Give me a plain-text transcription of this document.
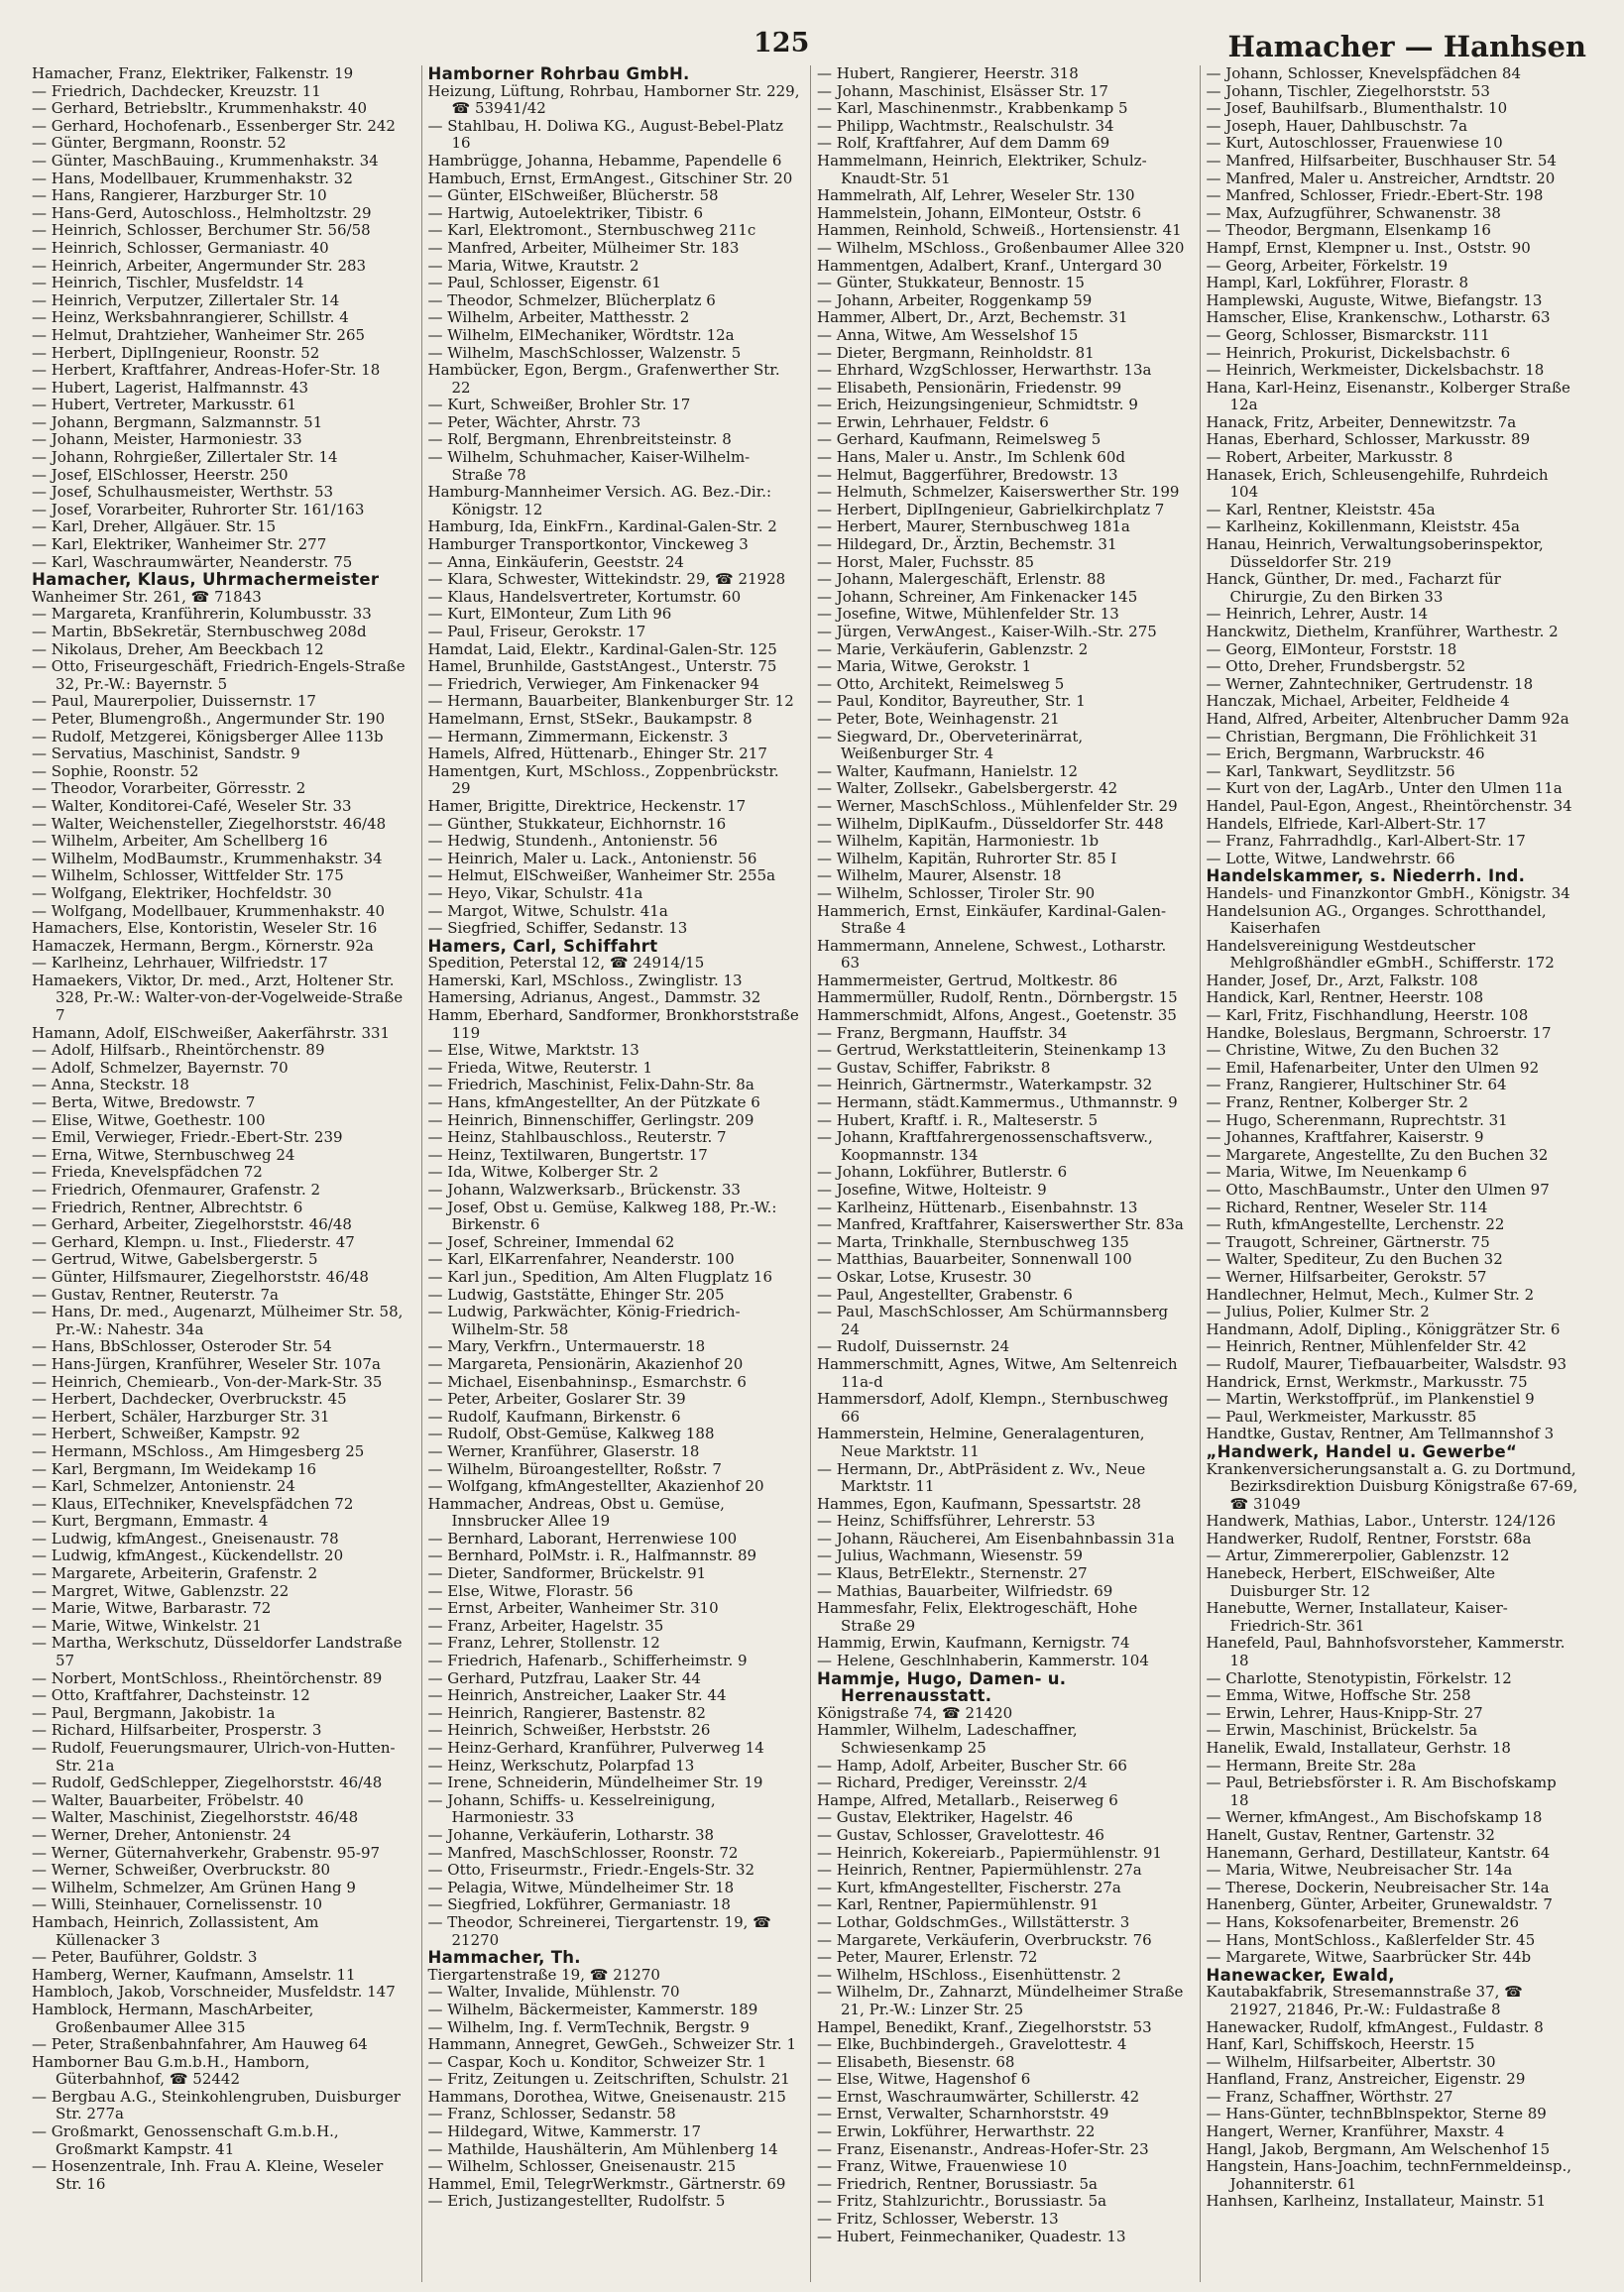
125	Hamacher — Hanhsen
Hamacher, Franz, Elektriker, Falkenstr. 19
— Friedrich, Dachdecker, Kreuzstr. 11
— Gerhard, Betriebsltr., Krummenhakstr. 40
— Gerhard, Hochofenarb., Essenberger Str. 242
— Günter, Bergmann, Roonstr. 52
— Günter, MaschBauing., Krummenhakstr. 34
— Hans, Modellbauer, Krummenhakstr. 32
— Hans, Rangierer, Harzburger Str. 10
— Hans-Gerd, Autoschloss., Helmholtzstr. 29
— Heinrich, Schlosser, Berchumer Str. 56/58
— Heinrich, Schlosser, Germaniastr. 40
— Heinrich, Arbeiter, Angermunder Str. 283
— Heinrich, Tischler, Musfeldstr. 14
— Heinrich, Verputzer, Zillertaler Str. 14
— Heinz, Werksbahnrangierer, Schillstr. 4
— Helmut, Drahtzieher, Wanheimer Str. 265
— Herbert, DiplIngenieur, Roonstr. 52
— Herbert, Kraftfahrer, Andreas-Hofer-Str. 18
— Hubert, Lagerist, Halfmannstr. 43
— Hubert, Vertreter, Markusstr. 61
— Johann, Bergmann, Salzmannstr. 51
— Johann, Meister, Harmoniestr. 33
— Johann, Rohrgießer, Zillertaler Str. 14
— Josef, ElSchlosser, Heerstr. 250
— Josef, Schulhausmeister, Werthstr. 53
— Josef, Vorarbeiter, Ruhrorter Str. 161/163
— Karl, Dreher, Allgäuer. Str. 15
— Karl, Elektriker, Wanheimer Str. 277
— Karl, Waschraumwärter, Neanderstr. 75
Hamacher, Klaus, Uhrmachermeister
Wanheimer Str. 261, ☎ 71843
— Margareta, Kranführerin, Kolumbusstr. 33
— Martin, BbSekretär, Sternbuschweg 208d
— Nikolaus, Dreher, Am Beeckbach 12
— Otto, Friseurgeschäft, Friedrich-Engels-Straße 32, Pr.-W.: Bayernstr. 5
— Paul, Maurerpolier, Duissernstr. 17
— Peter, Blumengroßh., Angermunder Str. 190
— Rudolf, Metzgerei, Königsberger Allee 113b
— Servatius, Maschinist, Sandstr. 9
— Sophie, Roonstr. 52
— Theodor, Vorarbeiter, Görresstr. 2
— Walter, Konditorei-Café, Weseler Str. 33
— Walter, Weichensteller, Ziegelhorststr. 46/48
— Wilhelm, Arbeiter, Am Schellberg 16
— Wilhelm, ModBaumstr., Krummenhakstr. 34
— Wilhelm, Schlosser, Wittfelder Str. 175
— Wolfgang, Elektriker, Hochfeldstr. 30
— Wolfgang, Modellbauer, Krummenhakstr. 40
Hamachers, Else, Kontoristin, Weseler Str. 16
Hamaczek, Hermann, Bergm., Körnerstr. 92a
— Karlheinz, Lehrhauer, Wilfriedstr. 17
Hamaekers, Viktor, Dr. med., Arzt, Holtener Str. 328, Pr.-W.: Walter-von-der-Vogelweide-Straße 7
Hamann, Adolf, ElSchweißer, Aakerfährstr. 331
— Adolf, Hilfsarb., Rheintörchenstr. 89
— Adolf, Schmelzer, Bayernstr. 70
— Anna, Steckstr. 18
— Berta, Witwe, Bredowstr. 7
— Elise, Witwe, Goethestr. 100
— Emil, Verwieger, Friedr.-Ebert-Str. 239
— Erna, Witwe, Sternbuschweg 24
— Frieda, Knevelspfädchen 72
— Friedrich, Ofenmaurer, Grafenstr. 2
— Friedrich, Rentner, Albrechtstr. 6
— Gerhard, Arbeiter, Ziegelhorststr. 46/48
— Gerhard, Klempn. u. Inst., Fliederstr. 47
— Gertrud, Witwe, Gabelsbergerstr. 5
— Günter, Hilfsmaurer, Ziegelhorststr. 46/48
— Gustav, Rentner, Reuterstr. 7a
— Hans, Dr. med., Augenarzt, Mülheimer Str. 58, Pr.-W.: Nahestr. 34a
— Hans, BbSchlosser, Osteroder Str. 54
— Hans-Jürgen, Kranführer, Weseler Str. 107a
— Heinrich, Chemiearb., Von-der-Mark-Str. 35
— Herbert, Dachdecker, Overbruckstr. 45
— Herbert, Schäler, Harzburger Str. 31
— Herbert, Schweißer, Kampstr. 92
— Hermann, MSchloss., Am Himgesberg 25
— Karl, Bergmann, Im Weidekamp 16
— Karl, Schmelzer, Antonienstr. 24
— Klaus, ElTechniker, Knevelspfädchen 72
— Kurt, Bergmann, Emmastr. 4
— Ludwig, kfmAngest., Gneisenaustr. 78
— Ludwig, kfmAngest., Kückendellstr. 20
— Margarete, Arbeiterin, Grafenstr. 2
— Margret, Witwe, Gablenzstr. 22
— Marie, Witwe, Barbarastr. 72
— Marie, Witwe, Winkelstr. 21
— Martha, Werkschutz, Düsseldorfer Landstraße 57
— Norbert, MontSchloss., Rheintörchenstr. 89
— Otto, Kraftfahrer, Dachsteinstr. 12
— Paul, Bergmann, Jakobistr. 1a
— Richard, Hilfsarbeiter, Prosperstr. 3
— Rudolf, Feuerungsmaurer, Ulrich-von-Hutten-Str. 21a
— Rudolf, GedSchlepper, Ziegelhorststr. 46/48
— Walter, Bauarbeiter, Fröbelstr. 40
— Walter, Maschinist, Ziegelhorststr. 46/48
— Werner, Dreher, Antonienstr. 24
— Werner, Güternahverkehr, Grabenstr. 95-97
— Werner, Schweißer, Overbruckstr. 80
— Wilhelm, Schmelzer, Am Grünen Hang 9
— Willi, Steinhauer, Cornelissenstr. 10
Hambach, Heinrich, Zollassistent, Am Küllenacker 3
— Peter, Bauführer, Goldstr. 3
Hamberg, Werner, Kaufmann, Amselstr. 11
Hambloch, Jakob, Vorschneider, Musfeldstr. 147
Hamblock, Hermann, MaschArbeiter, Großenbaumer Allee 315
— Peter, Straßenbahnfahrer, Am Hauweg 64
Hamborner Bau G.m.b.H., Hamborn, Güterbahnhof, ☎ 52442
— Bergbau A.G., Steinkohlengruben, Duisburger Str. 277a
— Großmarkt, Genossenschaft G.m.b.H., Großmarkt Kampstr. 41
— Hosenzentrale, Inh. Frau A. Kleine, Weseler Str. 16
Hamborner Rohrbau GmbH.
Heizung, Lüftung, Rohrbau, Hamborner Str. 229, ☎ 53941/42
— Stahlbau, H. Doliwa KG., August-Bebel-Platz 16
Hambrügge, Johanna, Hebamme, Papendelle 6
Hambuch, Ernst, ErmAngest., Gitschiner Str. 20
— Günter, ElSchweißer, Blücherstr. 58
— Hartwig, Autoelektriker, Tibistr. 6
— Karl, Elektromont., Sternbuschweg 211c
— Manfred, Arbeiter, Mülheimer Str. 183
— Maria, Witwe, Krautstr. 2
— Paul, Schlosser, Eigenstr. 61
— Theodor, Schmelzer, Blücherplatz 6
— Wilhelm, Arbeiter, Matthesstr. 2
— Wilhelm, ElMechaniker, Wördtstr. 12a
— Wilhelm, MaschSchlosser, Walzenstr. 5
Hambücker, Egon, Bergm., Grafenwerther Str. 22
— Kurt, Schweißer, Brohler Str. 17
— Peter, Wächter, Ahrstr. 73
— Rolf, Bergmann, Ehrenbreitsteinstr. 8
— Wilhelm, Schuhmacher, Kaiser-Wilhelm-Straße 78
Hamburg-Mannheimer Versich. AG. Bez.-Dir.: Königstr. 12
Hamburg, Ida, EinkFrn., Kardinal-Galen-Str. 2
Hamburger Transportkontor, Vinckeweg 3
— Anna, Einkäuferin, Geeststr. 24
— Klara, Schwester, Wittekindstr. 29, ☎ 21928
— Klaus, Handelsvertreter, Kortumstr. 60
— Kurt, ElMonteur, Zum Lith 96
— Paul, Friseur, Gerokstr. 17
Hamdat, Laid, Elektr., Kardinal-Galen-Str. 125
Hamel, Brunhilde, GaststAngest., Unterstr. 75
— Friedrich, Verwieger, Am Finkenacker 94
— Hermann, Bauarbeiter, Blankenburger Str. 12
Hamelmann, Ernst, StSekr., Baukampstr. 8
— Hermann, Zimmermann, Eickenstr. 3
Hamels, Alfred, Hüttenarb., Ehinger Str. 217
Hamentgen, Kurt, MSchloss., Zoppenbrückstr. 29
Hamer, Brigitte, Direktrice, Heckenstr. 17
— Günther, Stukkateur, Eichhornstr. 16
— Hedwig, Stundenh., Antonienstr. 56
— Heinrich, Maler u. Lack., Antonienstr. 56
— Helmut, ElSchweißer, Wanheimer Str. 255a
— Heyo, Vikar, Schulstr. 41a
— Margot, Witwe, Schulstr. 41a
— Siegfried, Schiffer, Sedanstr. 13
Hamers, Carl, Schiffahrt
Spedition, Peterstal 12, ☎ 24914/15
Hamerski, Karl, MSchloss., Zwinglistr. 13
Hamersing, Adrianus, Angest., Dammstr. 32
Hamm, Eberhard, Sandformer, Bronkhorststraße 119
— Else, Witwe, Marktstr. 13
— Frieda, Witwe, Reuterstr. 1
— Friedrich, Maschinist, Felix-Dahn-Str. 8a
— Hans, kfmAngestellter, An der Pützkate 6
— Heinrich, Binnenschiffer, Gerlingstr. 209
— Heinz, Stahlbauschloss., Reuterstr. 7
— Heinz, Textilwaren, Bungertstr. 17
— Ida, Witwe, Kolberger Str. 2
— Johann, Walzwerksarb., Brückenstr. 33
— Josef, Obst u. Gemüse, Kalkweg 188, Pr.-W.: Birkenstr. 6
— Josef, Schreiner, Immendal 62
— Karl, ElKarrenfahrer, Neanderstr. 100
— Karl jun., Spedition, Am Alten Flugplatz 16
— Ludwig, Gaststätte, Ehinger Str. 205
— Ludwig, Parkwächter, König-Friedrich-Wilhelm-Str. 58
— Mary, Verkfrn., Untermauerstr. 18
— Margareta, Pensionärin, Akazienhof 20
— Michael, Eisenbahninsp., Esmarchstr. 6
— Peter, Arbeiter, Goslarer Str. 39
— Rudolf, Kaufmann, Birkenstr. 6
— Rudolf, Obst-Gemüse, Kalkweg 188
— Werner, Kranführer, Glaserstr. 18
— Wilhelm, Büroangestellter, Roßstr. 7
— Wolfgang, kfmAngestellter, Akazienhof 20
Hammacher, Andreas, Obst u. Gemüse, Innsbrucker Allee 19
— Bernhard, Laborant, Herrenwiese 100
— Bernhard, PolMstr. i. R., Halfmannstr. 89
— Dieter, Sandformer, Brückelstr. 91
— Else, Witwe, Florastr. 56
— Ernst, Arbeiter, Wanheimer Str. 310
— Franz, Arbeiter, Hagelstr. 35
— Franz, Lehrer, Stollenstr. 12
— Friedrich, Hafenarb., Schifferheimstr. 9
— Gerhard, Putzfrau, Laaker Str. 44
— Heinrich, Anstreicher, Laaker Str. 44
— Heinrich, Rangierer, Bastenstr. 82
— Heinrich, Schweißer, Herbststr. 26
— Heinz-Gerhard, Kranführer, Pulverweg 14
— Heinz, Werkschutz, Polarpfad 13
— Irene, Schneiderin, Mündelheimer Str. 19
— Johann, Schiffs- u. Kesselreinigung, Harmoniestr. 33
— Johanne, Verkäuferin, Lotharstr. 38
— Manfred, MaschSchlosser, Roonstr. 72
— Otto, Friseurmstr., Friedr.-Engels-Str. 32
— Pelagia, Witwe, Mündelheimer Str. 18
— Siegfried, Lokführer, Germaniastr. 18
— Theodor, Schreinerei, Tiergartenstr. 19, ☎ 21270
Hammacher, Th.
Tiergartenstraße 19, ☎ 21270
— Walter, Invalide, Mühlenstr. 70
— Wilhelm, Bäckermeister, Kammerstr. 189
— Wilhelm, Ing. f. VermTechnik, Bergstr. 9
Hammann, Annegret, GewGeh., Schweizer Str. 1
— Caspar, Koch u. Konditor, Schweizer Str. 1
— Fritz, Zeitungen u. Zeitschriften, Schulstr. 21
Hammans, Dorothea, Witwe, Gneisenaustr. 215
— Franz, Schlosser, Sedanstr. 58
— Hildegard, Witwe, Kammerstr. 17
— Mathilde, Haushälterin, Am Mühlenberg 14
— Wilhelm, Schlosser, Gneisenaustr. 215
Hammel, Emil, TelegrWerkmstr., Gärtnerstr. 69
— Erich, Justizangestellter, Rudolfstr. 5
— Hubert, Rangierer, Heerstr. 318
— Johann, Maschinist, Elsässer Str. 17
— Karl, Maschinenmstr., Krabbenkamp 5
— Philipp, Wachtmstr., Realschulstr. 34
— Rolf, Kraftfahrer, Auf dem Damm 69
Hammelmann, Heinrich, Elektriker, Schulz-Knaudt-Str. 51
Hammelrath, Alf, Lehrer, Weseler Str. 130
Hammelstein, Johann, ElMonteur, Oststr. 6
Hammen, Reinhold, Schweiß., Hortensienstr. 41
— Wilhelm, MSchloss., Großenbaumer Allee 320
Hammentgen, Adalbert, Kranf., Untergard 30
— Günter, Stukkateur, Bennostr. 15
— Johann, Arbeiter, Roggenkamp 59
Hammer, Albert, Dr., Arzt, Bechemstr. 31
— Anna, Witwe, Am Wesselshof 15
— Dieter, Bergmann, Reinholdstr. 81
— Ehrhard, WzgSchlosser, Herwarthstr. 13a
— Elisabeth, Pensionärin, Friedenstr. 99
— Erich, Heizungsingenieur, Schmidtstr. 9
— Erwin, Lehrhauer, Feldstr. 6
— Gerhard, Kaufmann, Reimelsweg 5
— Hans, Maler u. Anstr., Im Schlenk 60d
— Helmut, Baggerführer, Bredowstr. 13
— Helmuth, Schmelzer, Kaiserswerther Str. 199
— Herbert, DiplIngenieur, Gabrielkirchplatz 7
— Herbert, Maurer, Sternbuschweg 181a
— Hildegard, Dr., Ärztin, Bechemstr. 31
— Horst, Maler, Fuchsstr. 85
— Johann, Malergeschäft, Erlenstr. 88
— Johann, Schreiner, Am Finkenacker 145
— Josefine, Witwe, Mühlenfelder Str. 13
— Jürgen, VerwAngest., Kaiser-Wilh.-Str. 275
— Marie, Verkäuferin, Gablenzstr. 2
— Maria, Witwe, Gerokstr. 1
— Otto, Architekt, Reimelsweg 5
— Paul, Konditor, Bayreuther, Str. 1
— Peter, Bote, Weinhagenstr. 21
— Siegward, Dr., Oberveterinärrat, Weißenburger Str. 4
— Walter, Kaufmann, Hanielstr. 12
— Walter, Zollsekr., Gabelsbergerstr. 42
— Werner, MaschSchloss., Mühlenfelder Str. 29
— Wilhelm, DiplKaufm., Düsseldorfer Str. 448
— Wilhelm, Kapitän, Harmoniestr. 1b
— Wilhelm, Kapitän, Ruhrorter Str. 85 I
— Wilhelm, Maurer, Alsenstr. 18
— Wilhelm, Schlosser, Tiroler Str. 90
Hammerich, Ernst, Einkäufer, Kardinal-Galen-Straße 4
Hammermann, Annelene, Schwest., Lotharstr. 63
Hammermeister, Gertrud, Moltkestr. 86
Hammermüller, Rudolf, Rentn., Dörnbergstr. 15
Hammerschmidt, Alfons, Angest., Goetenstr. 35
— Franz, Bergmann, Hauffstr. 34
— Gertrud, Werkstattleiterin, Steinenkamp 13
— Gustav, Schiffer, Fabrikstr. 8
— Heinrich, Gärtnermstr., Waterkampstr. 32
— Hermann, städt.Kammermus., Uthmannstr. 9
— Hubert, Kraftf. i. R., Malteserstr. 5
— Johann, Kraftfahrergenossenschaftsverw., Koopmannstr. 134
— Johann, Lokführer, Butlerstr. 6
— Josefine, Witwe, Holteistr. 9
— Karlheinz, Hüttenarb., Eisenbahnstr. 13
— Manfred, Kraftfahrer, Kaiserswerther Str. 83a
— Marta, Trinkhalle, Sternbuschweg 135
— Matthias, Bauarbeiter, Sonnenwall 100
— Oskar, Lotse, Krusestr. 30
— Paul, Angestellter, Grabenstr. 6
— Paul, MaschSchlosser, Am Schürmannsberg 24
— Rudolf, Duissernstr. 24
Hammerschmitt, Agnes, Witwe, Am Seltenreich 11a-d
Hammersdorf, Adolf, Klempn., Sternbuschweg 66
Hammerstein, Helmine, Generalagenturen, Neue Marktstr. 11
— Hermann, Dr., AbtPräsident z. Wv., Neue Marktstr. 11
Hammes, Egon, Kaufmann, Spessartstr. 28
— Heinz, Schiffsführer, Lehrerstr. 53
— Johann, Räucherei, Am Eisenbahnbassin 31a
— Julius, Wachmann, Wiesenstr. 59
— Klaus, BetrElektr., Sternenstr. 27
— Mathias, Bauarbeiter, Wilfriedstr. 69
Hammesfahr, Felix, Elektrogeschäft, Hohe Straße 29
Hammig, Erwin, Kaufmann, Kernigstr. 74
— Helene, Geschlnhaberin, Kammerstr. 104
Hammje, Hugo, Damen- u. Herrenausstatt.
Königstraße 74, ☎ 21420
Hammler, Wilhelm, Ladeschaffner, Schwiesenkamp 25
— Hamp, Adolf, Arbeiter, Buscher Str. 66
— Richard, Prediger, Vereinsstr. 2/4
Hampe, Alfred, Metallarb., Reiserweg 6
— Gustav, Elektriker, Hagelstr. 46
— Gustav, Schlosser, Gravelottestr. 46
— Heinrich, Kokereiarb., Papiermühlenstr. 91
— Heinrich, Rentner, Papiermühlenstr. 27a
— Kurt, kfmAngestellter, Fischerstr. 27a
— Karl, Rentner, Papiermühlenstr. 91
— Lothar, GoldschmGes., Willstätterstr. 3
— Margarete, Verkäuferin, Overbruckstr. 76
— Peter, Maurer, Erlenstr. 72
— Wilhelm, HSchloss., Eisenhüttenstr. 2
— Wilhelm, Dr., Zahnarzt, Mündelheimer Straße 21, Pr.-W.: Linzer Str. 25
Hampel, Benedikt, Kranf., Ziegelhorststr. 53
— Elke, Buchbindergeh., Gravelottestr. 4
— Elisabeth, Biesenstr. 68
— Else, Witwe, Hagenshof 6
— Ernst, Waschraumwärter, Schillerstr. 42
— Ernst, Verwalter, Scharnhorststr. 49
— Erwin, Lokführer, Herwarthstr. 22
— Franz, Eisenanstr., Andreas-Hofer-Str. 23
— Franz, Witwe, Frauenwiese 10
— Friedrich, Rentner, Borussiastr. 5a
— Fritz, Stahlzurichtr., Borussiastr. 5a
— Fritz, Schlosser, Weberstr. 13
— Hubert, Feinmechaniker, Quadestr. 13
— Johann, Schlosser, Knevelspfädchen 84
— Johann, Tischler, Ziegelhorststr. 53
— Josef, Bauhilfsarb., Blumenthalstr. 10
— Joseph, Hauer, Dahlbuschstr. 7a
— Kurt, Autoschlosser, Frauenwiese 10
— Manfred, Hilfsarbeiter, Buschhauser Str. 54
— Manfred, Maler u. Anstreicher, Arndtstr. 20
— Manfred, Schlosser, Friedr.-Ebert-Str. 198
— Max, Aufzugführer, Schwanenstr. 38
— Theodor, Bergmann, Elsenkamp 16
Hampf, Ernst, Klempner u. Inst., Oststr. 90
— Georg, Arbeiter, Förkelstr. 19
Hampl, Karl, Lokführer, Florastr. 8
Hamplewski, Auguste, Witwe, Biefangstr. 13
Hamscher, Elise, Krankenschw., Lotharstr. 63
— Georg, Schlosser, Bismarckstr. 111
— Heinrich, Prokurist, Dickelsbachstr. 6
— Heinrich, Werkmeister, Dickelsbachstr. 18
Hana, Karl-Heinz, Eisenanstr., Kolberger Straße 12a
Hanack, Fritz, Arbeiter, Dennewitzstr. 7a
Hanas, Eberhard, Schlosser, Markusstr. 89
— Robert, Arbeiter, Markusstr. 8
Hanasek, Erich, Schleusengehilfe, Ruhrdeich 104
— Karl, Rentner, Kleiststr. 45a
— Karlheinz, Kokillenmann, Kleiststr. 45a
Hanau, Heinrich, Verwaltungsoberinspektor, Düsseldorfer Str. 219
Hanck, Günther, Dr. med., Facharzt für Chirurgie, Zu den Birken 33
— Heinrich, Lehrer, Austr. 14
Hanckwitz, Diethelm, Kranführer, Warthestr. 2
— Georg, ElMonteur, Forststr. 18
— Otto, Dreher, Frundsbergstr. 52
— Werner, Zahntechniker, Gertrudenstr. 18
Hanczak, Michael, Arbeiter, Feldheide 4
Hand, Alfred, Arbeiter, Altenbrucher Damm 92a
— Christian, Bergmann, Die Fröhlichkeit 31
— Erich, Bergmann, Warbruckstr. 46
— Karl, Tankwart, Seydlitzstr. 56
— Kurt von der, LagArb., Unter den Ulmen 11a
Handel, Paul-Egon, Angest., Rheintörchenstr. 34
Handels, Elfriede, Karl-Albert-Str. 17
— Franz, Fahrradhdlg., Karl-Albert-Str. 17
— Lotte, Witwe, Landwehrstr. 66
Handelskammer, s. Niederrh. Ind.
Handels- und Finanzkontor GmbH., Königstr. 34
Handelsunion AG., Organges. Schrotthandel, Kaiserhafen
Handelsvereinigung Westdeutscher Mehlgroßhändler eGmbH., Schifferstr. 172
Hander, Josef, Dr., Arzt, Falkstr. 108
Handick, Karl, Rentner, Heerstr. 108
— Karl, Fritz, Fischhandlung, Heerstr. 108
Handke, Boleslaus, Bergmann, Schroerstr. 17
— Christine, Witwe, Zu den Buchen 32
— Emil, Hafenarbeiter, Unter den Ulmen 92
— Franz, Rangierer, Hultschiner Str. 64
— Franz, Rentner, Kolberger Str. 2
— Hugo, Scherenmann, Ruprechtstr. 31
— Johannes, Kraftfahrer, Kaiserstr. 9
— Margarete, Angestellte, Zu den Buchen 32
— Maria, Witwe, Im Neuenkamp 6
— Otto, MaschBaumstr., Unter den Ulmen 97
— Richard, Rentner, Weseler Str. 114
— Ruth, kfmAngestellte, Lerchenstr. 22
— Traugott, Schreiner, Gärtnerstr. 75
— Walter, Spediteur, Zu den Buchen 32
— Werner, Hilfsarbeiter, Gerokstr. 57
Handlechner, Helmut, Mech., Kulmer Str. 2
— Julius, Polier, Kulmer Str. 2
Handmann, Adolf, Dipling., Königgrätzer Str. 6
— Heinrich, Rentner, Mühlenfelder Str. 42
— Rudolf, Maurer, Tiefbauarbeiter, Walsdstr. 93
Handrick, Ernst, Werkmstr., Markusstr. 75
— Martin, Werkstoffprüf., im Plankenstiel 9
— Paul, Werkmeister, Markusstr. 85
Handtke, Gustav, Rentner, Am Tellmannshof 3
„Handwerk, Handel u. Gewerbe“
Krankenversicherungsanstalt a. G. zu Dortmund, Bezirksdirektion Duisburg Königstraße 67-69, ☎ 31049
Handwerk, Mathias, Labor., Unterstr. 124/126
Handwerker, Rudolf, Rentner, Forststr. 68a
— Artur, Zimmererpolier, Gablenzstr. 12
Hanebeck, Herbert, ElSchweißer, Alte Duisburger Str. 12
Hanebutte, Werner, Installateur, Kaiser-Friedrich-Str. 361
Hanefeld, Paul, Bahnhofsvorsteher, Kammerstr. 18
— Charlotte, Stenotypistin, Förkelstr. 12
— Emma, Witwe, Hoffsche Str. 258
— Erwin, Lehrer, Haus-Knipp-Str. 27
— Erwin, Maschinist, Brückelstr. 5a
Hanelik, Ewald, Installateur, Gerhstr. 18
— Hermann, Breite Str. 28a
— Paul, Betriebsförster i. R. Am Bischofskamp 18
— Werner, kfmAngest., Am Bischofskamp 18
Hanelt, Gustav, Rentner, Gartenstr. 32
Hanemann, Gerhard, Destillateur, Kantstr. 64
— Maria, Witwe, Neubreisacher Str. 14a
— Therese, Dockerin, Neubreisacher Str. 14a
Hanenberg, Günter, Arbeiter, Grunewaldstr. 7
— Hans, Koksofenarbeiter, Bremenstr. 26
— Hans, MontSchloss., Kaßlerfelder Str. 45
— Margarete, Witwe, Saarbrücker Str. 44b
Hanewacker, Ewald,
Kautabakfabrik, Stresemannstraße 37, ☎ 21927, 21846, Pr.-W.: Fuldastraße 8
Hanewacker, Rudolf, kfmAngest., Fuldastr. 8
Hanf, Karl, Schiffskoch, Heerstr. 15
— Wilhelm, Hilfsarbeiter, Albertstr. 30
Hanfland, Franz, Anstreicher, Eigenstr. 29
— Franz, Schaffner, Wörthstr. 27
— Hans-Günter, technBblnspektor, Sterne 89
Hangert, Werner, Kranführer, Maxstr. 4
Hangl, Jakob, Bergmann, Am Welschenhof 15
Hangstein, Hans-Joachim, technFernmeldeinsp., Johanniterstr. 61
Hanhsen, Karlheinz, Installateur, Mainstr. 51
